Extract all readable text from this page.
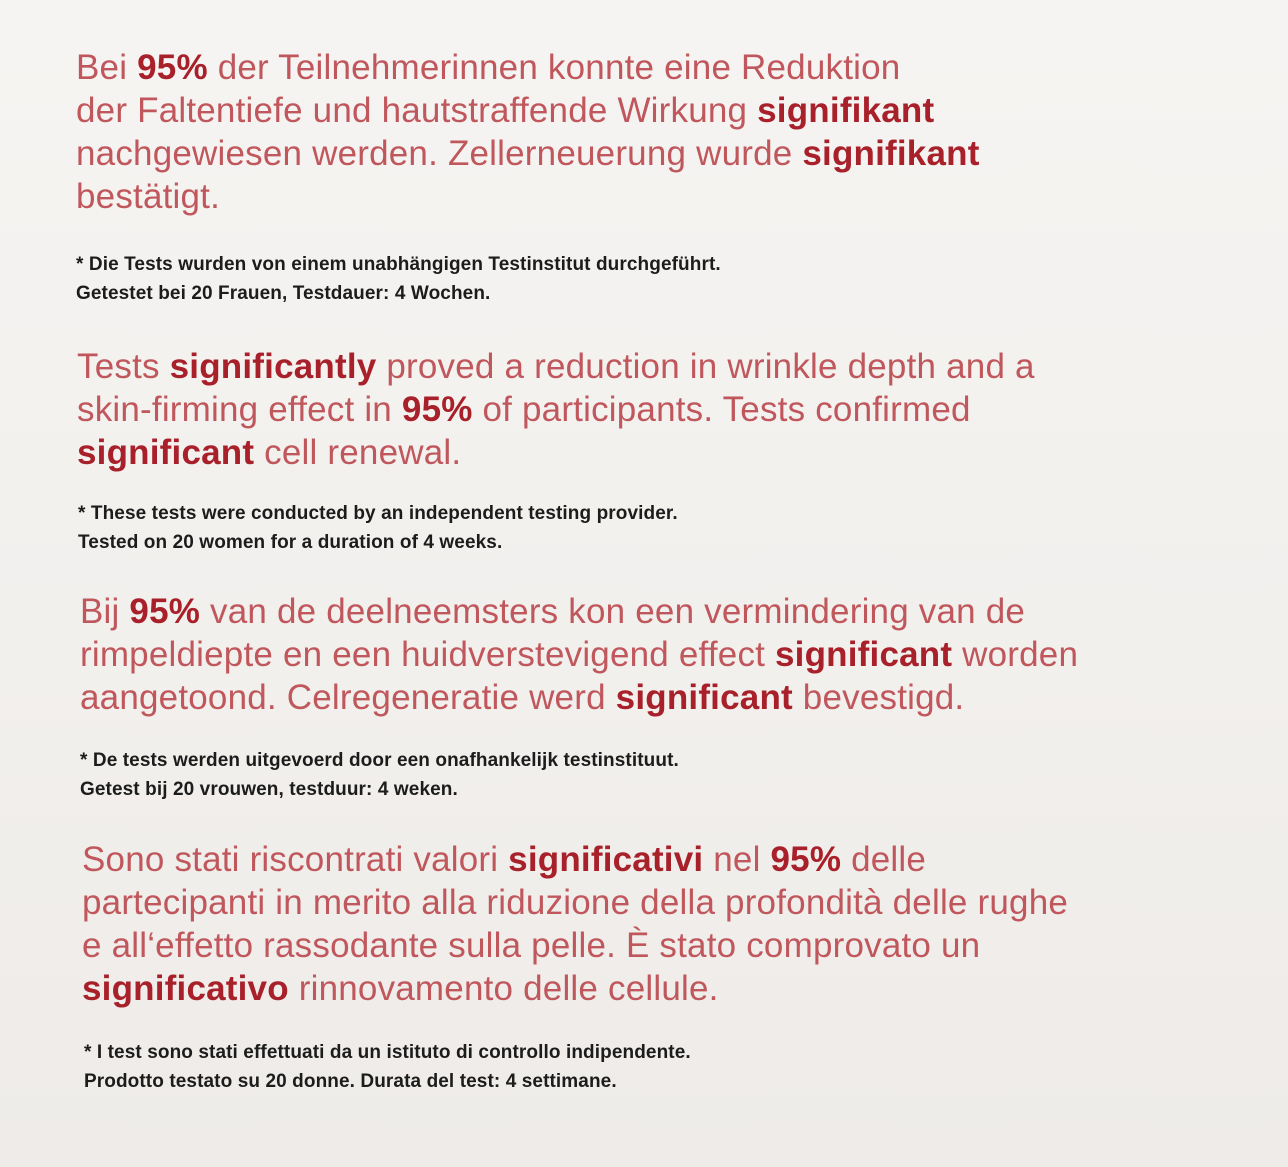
Bei 95% der Teilnehmerinnen konnte eine Reduktion
der Faltentiefe und hautstraffende Wirkung signifikant
nachgewiesen werden. Zellerneuerung wurde signifikant
bestätigt.

* Die Tests wurden von einem unabhängigen Testinstitut durchgeführt.

Getestet bei 20 Frauen, Testdauer: 4 Wochen.

Tests significantly proved a reduction in wrinkle depth and a
skin-firming effect in 95% of participants. Tests confirmed
significant cell renewal.

* These tests were conducted by an independent testing provider.

Tested on 20 women for a duration of 4 weeks.

Bij 95% van de deelneemsters kon een vermindering van de
rimpeldiepte en een huidverstevigend effect significant worden
aangetoond. Celregeneratie werd significant bevestigd.

* De tests werden uitgevoerd door een onafhankelijk testinstituut.

Getest bij 20 vrouwen, testduur: 4 weken.

Sono stati riscontrati valori significativi nel 95% delle
partecipanti in merito alla riduzione della profondità delle rughe
e all‘effetto rassodante sulla pelle. È stato comprovato un
significativo rinnovamento delle cellule.

* I test sono stati effettuati da un istituto di controllo indipendente.

Prodotto testato su 20 donne. Durata del test: 4 settimane.
